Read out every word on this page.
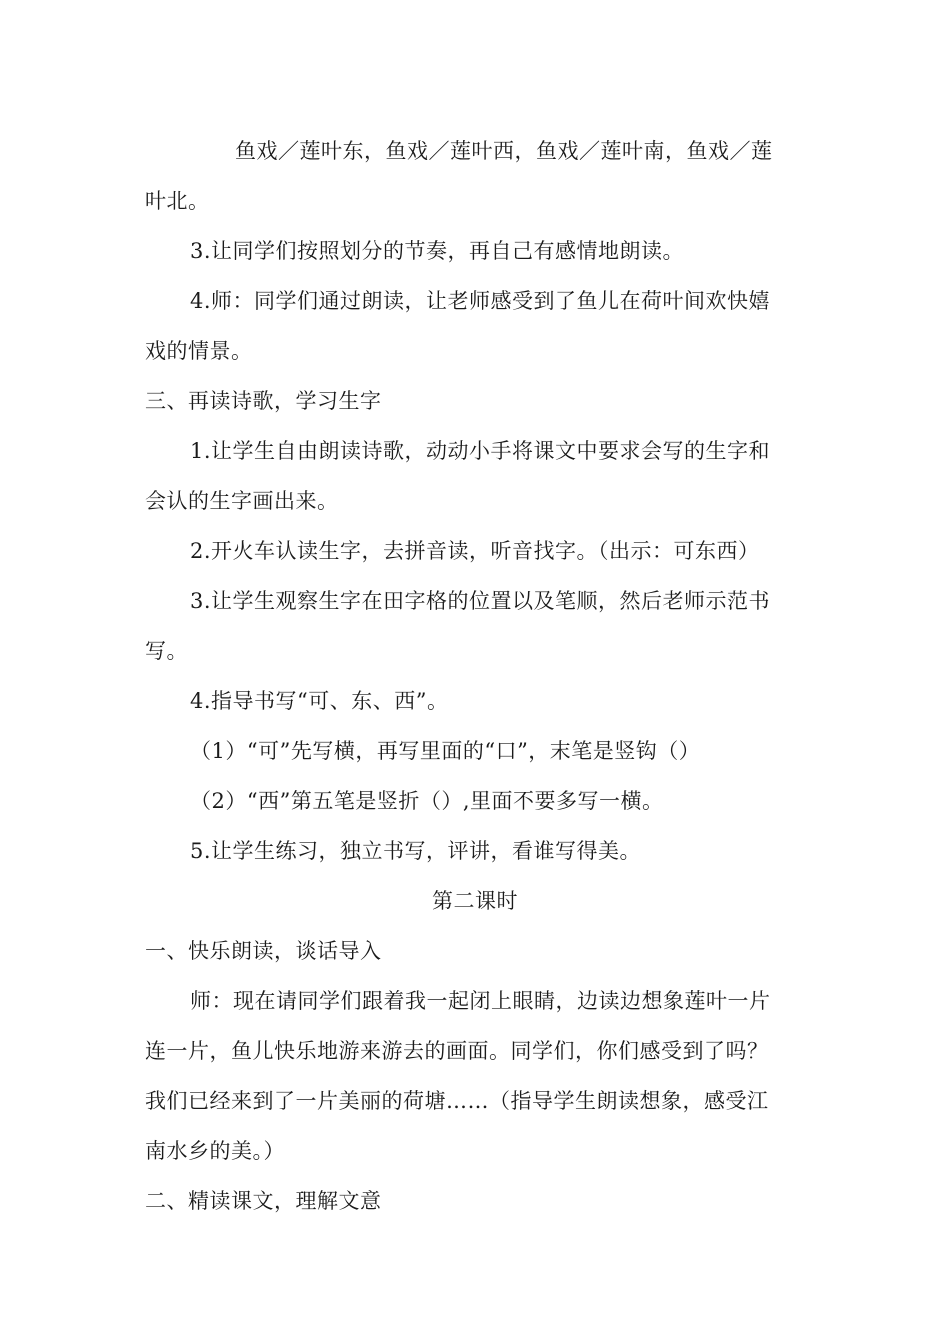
鱼戏／莲叶东，鱼戏／莲叶西，鱼戏／莲叶南，鱼戏／莲
叶北。
3.让同学们按照划分的节奏，再自己有感情地朗读。
4.师：同学们通过朗读，让老师感受到了鱼儿在荷叶间欢快嬉
戏的情景。
三、再读诗歌，学习生字
1.让学生自由朗读诗歌，动动小手将课文中要求会写的生字和
会认的生字画出来。
2.开火车认读生字，去拼音读，听音找字。（出示：可东西）
3.让学生观察生字在田字格的位置以及笔顺，然后老师示范书
写。
4.指导书写“可、东、西”。
（1）“可”先写横，再写里面的“口”，末笔是竖钩（）
（2）“西”第五笔是竖折（）,里面不要多写一横。
5.让学生练习，独立书写，评讲，看谁写得美。
第二课时
一、快乐朗读，谈话导入
师：现在请同学们跟着我一起闭上眼睛，边读边想象莲叶一片
连一片，鱼儿快乐地游来游去的画面。同学们，你们感受到了吗？
我们已经来到了一片美丽的荷塘……（指导学生朗读想象，感受江
南水乡的美。）
二、精读课文，理解文意
